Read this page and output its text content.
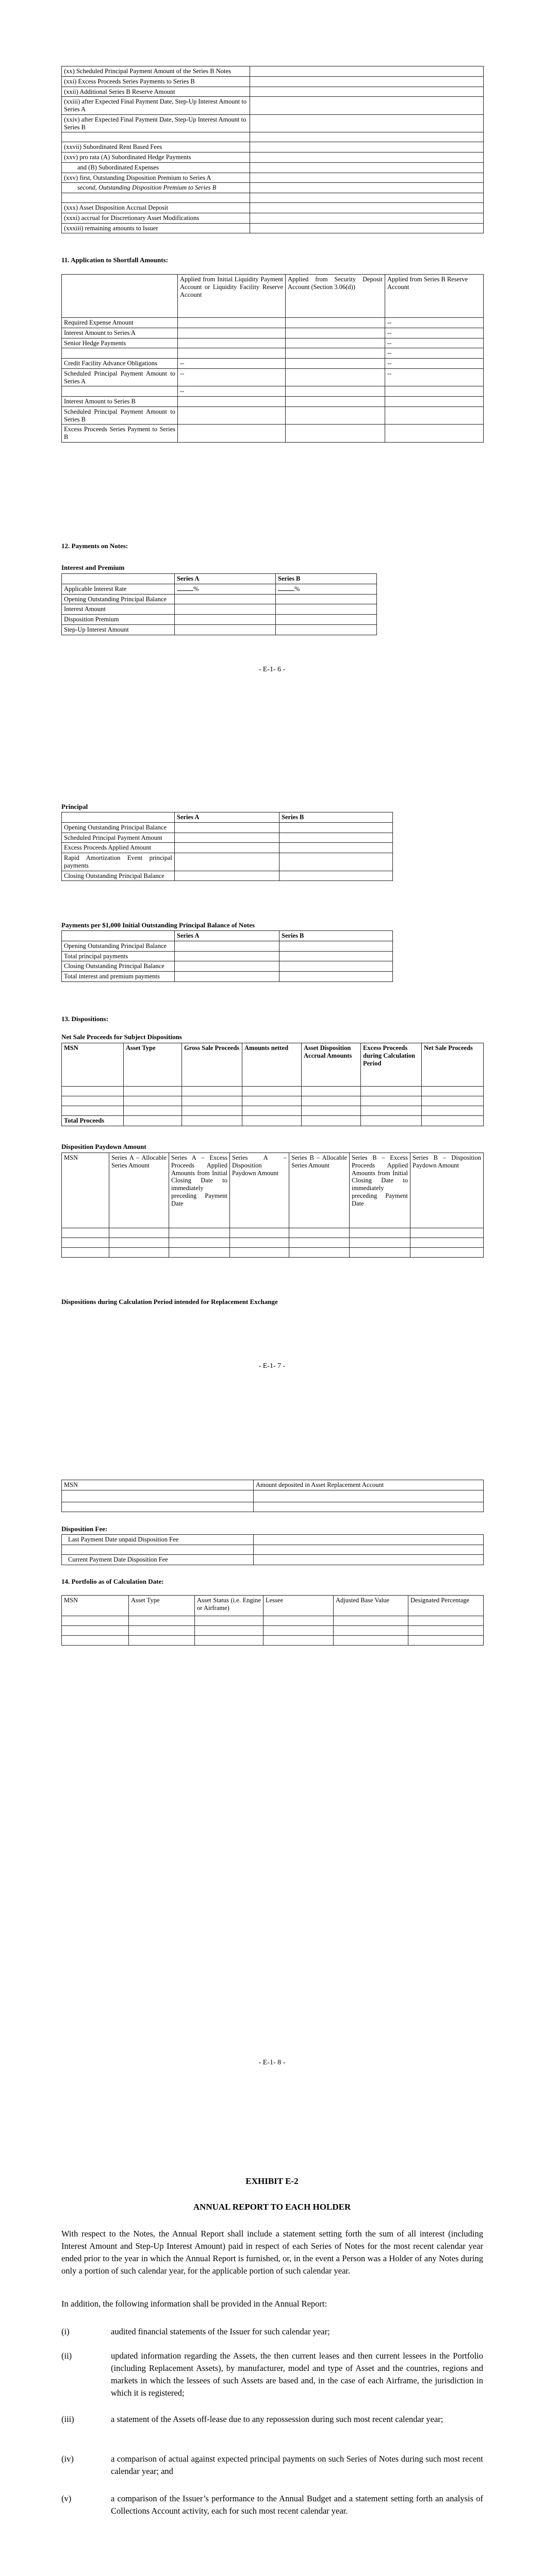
(xx) Scheduled Principal Payment Amount of the Series B Notes	
(xxi) Excess Proceeds Series Payments to Series B	
(xxii) Additional Series B Reserve Amount	
(xxiii) after Expected Final Payment Date, Step-Up Interest Amount to Series A	
(xxiv) after Expected Final Payment Date, Step-Up Interest Amount to Series B	

(xxvii) Subordinated Rent Based Fees	
(xxv) pro rata (A) Subordinated Hedge Payments	
and (B) Subordinated Expenses	
(xxv) first, Outstanding Disposition Premium to Series A	
second, Outstanding Disposition Premium to Series B	

(xxx) Asset Disposition Accrual Deposit	
(xxxi) accrual for Discretionary Asset Modifications	
(xxxiii) remaining amounts to Issuer	
11. Application to Shortfall Amounts:
	Applied from Initial Liquidity Payment Account or Liquidity Facility Reserve Account	Applied from Security Deposit Account (Section 3.06(d))	Applied from Series B Reserve Account
Required Expense Amount			--
Interest Amount to Series A			--
Senior Hedge Payments			--
			--
Credit Facility Advance Obligations	--		--
Scheduled Principal Payment Amount to Series A	--		--
	--		
Interest Amount to Series B			
Scheduled Principal Payment Amount to Series B			
Excess Proceeds Series Payment to Series B			
12. Payments on Notes:
Interest and Premium
	Series A	Series B
Applicable Interest Rate	%	%
Opening Outstanding Principal Balance		
Interest Amount		
Disposition Premium		
Step-Up Interest Amount		
- E-1- 6 -
Principal
	Series A	Series B
Opening Outstanding Principal Balance		
Scheduled Principal Payment Amount		
Excess Proceeds Applied Amount		
Rapid Amortization Event principal payments		
Closing Outstanding Principal Balance		
Payments per $1,000 Initial Outstanding Principal Balance of Notes
	Series A	Series B
Opening Outstanding Principal Balance		
Total principal payments		
Closing Outstanding Principal Balance		
Total interest and premium payments		
13. Dispositions:
Net Sale Proceeds for Subject Dispositions
MSN	Asset Type	Gross Sale Proceeds	Amounts netted	Asset Disposition Accrual Amounts	Excess Proceeds during Calculation Period	Net Sale Proceeds

Total Proceeds						
Disposition Paydown Amount
MSN	Series A – Allocable Series Amount	Series A – Excess Proceeds Applied Amounts from Initial Closing Date to immediately preceding Payment Date	Series A – Disposition Paydown Amount	Series B – Allocable Series Amount	Series B – Excess Proceeds Applied Amounts from Initial Closing Date to immediately preceding Payment Date	Series B – Disposition Paydown Amount

Dispositions during Calculation Period intended for Replacement Exchange
- E-1- 7 -
MSN	Amount deposited in Asset Replacement Account

Disposition Fee:
Last Payment Date unpaid Disposition Fee	

Current Payment Date Disposition Fee	
14. Portfolio as of Calculation Date:
MSN	Asset Type	Asset Status (i.e. Engine or Airframe)	Lessee	Adjusted Base Value	Designated Percentage

- E-1- 8 -
EXHIBIT E-2
ANNUAL REPORT TO EACH HOLDER
With respect to the Notes, the Annual Report shall include a statement setting forth the sum of all interest (including Interest Amount and Step-Up Interest Amount) paid in respect of each Series of Notes for the most recent calendar year ended prior to the year in which the Annual Report is furnished, or, in the event a Person was a Holder of any Notes during only a portion of such calendar year, for the applicable portion of such calendar year.
In addition, the following information shall be provided in the Annual Report:
(i)	audited financial statements of the Issuer for such calendar year;
(ii)	updated information regarding the Assets, the then current leases and then current lessees in the Portfolio (including Replacement Assets), by manufacturer, model and type of Asset and the countries, regions and markets in which the lessees of such Assets are based and, in the case of each Airframe, the jurisdiction in which it is registered;
(iii)	a statement of the Assets off-lease due to any repossession during such most recent calendar year;
(iv)	a comparison of actual against expected principal payments on such Series of Notes during such most recent calendar year; and
(v)	a comparison of the Issuer’s performance to the Annual Budget and a statement setting forth an analysis of Collections Account activity, each for such most recent calendar year.
